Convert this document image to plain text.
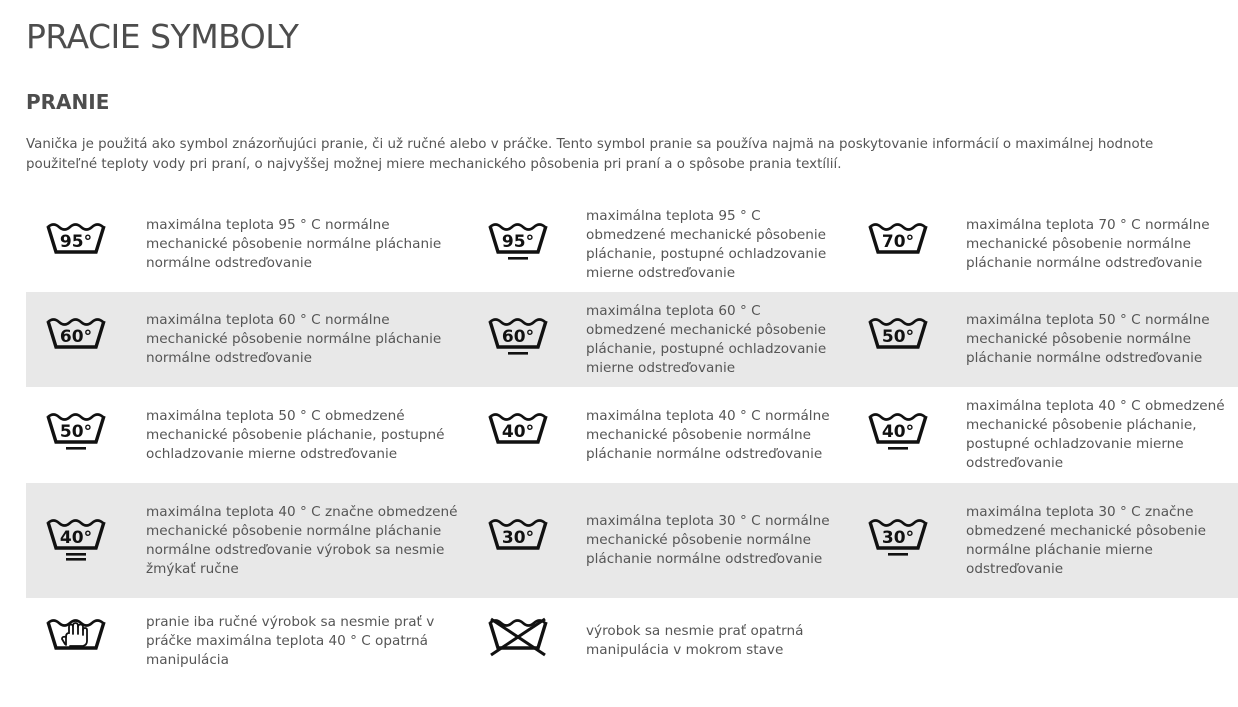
PRACIE SYMBOLY
PRANIE

Vanička je použitá ako symbol znázorňujúci pranie, či už ručné alebo v práčke. Tento symbol pranie sa používa najmä na poskytovanie informácií o maximálnej hodnote použiteľné teploty vody pri praní, o najvyššej možnej miere mechanického pôsobenia pri praní a o spôsobe prania textílií.

95°	maximálna teplota 95 ° C normálne mechanické pôsobenie normálne pláchanie normálne odstreďovanie	95°	maximálna teplota 95 ° C obmedzené mechanické pôsobenie pláchanie, postupné ochladzovanie mierne odstreďovanie	70°	maximálna teplota 70 ° C normálne mechanické pôsobenie normálne pláchanie normálne odstreďovanie

60°	maximálna teplota 60 ° C normálne mechanické pôsobenie normálne pláchanie normálne odstreďovanie	60°	maximálna teplota 60 ° C obmedzené mechanické pôsobenie pláchanie, postupné ochladzovanie mierne odstreďovanie	50°	maximálna teplota 50 ° C normálne mechanické pôsobenie normálne pláchanie normálne odstreďovanie

50°	maximálna teplota 50 ° C obmedzené mechanické pôsobenie pláchanie, postupné ochladzovanie mierne odstreďovanie	40°	maximálna teplota 40 ° C normálne mechanické pôsobenie normálne pláchanie normálne odstreďovanie	40°	maximálna teplota 40 ° C obmedzené mechanické pôsobenie pláchanie, postupné ochladzovanie mierne odstreďovanie

40°	maximálna teplota 40 ° C značne obmedzené mechanické pôsobenie normálne pláchanie normálne odstreďovanie výrobok sa nesmie žmýkať ručne	30°	maximálna teplota 30 ° C normálne mechanické pôsobenie normálne pláchanie normálne odstreďovanie	30°	maximálna teplota 30 ° C značne obmedzené mechanické pôsobenie normálne pláchanie mierne odstreďovanie

	pranie iba ručné výrobok sa nesmie prať v práčke maximálna teplota 40 ° C opatrná manipulácia		výrobok sa nesmie prať opatrná manipulácia v mokrom stave		
